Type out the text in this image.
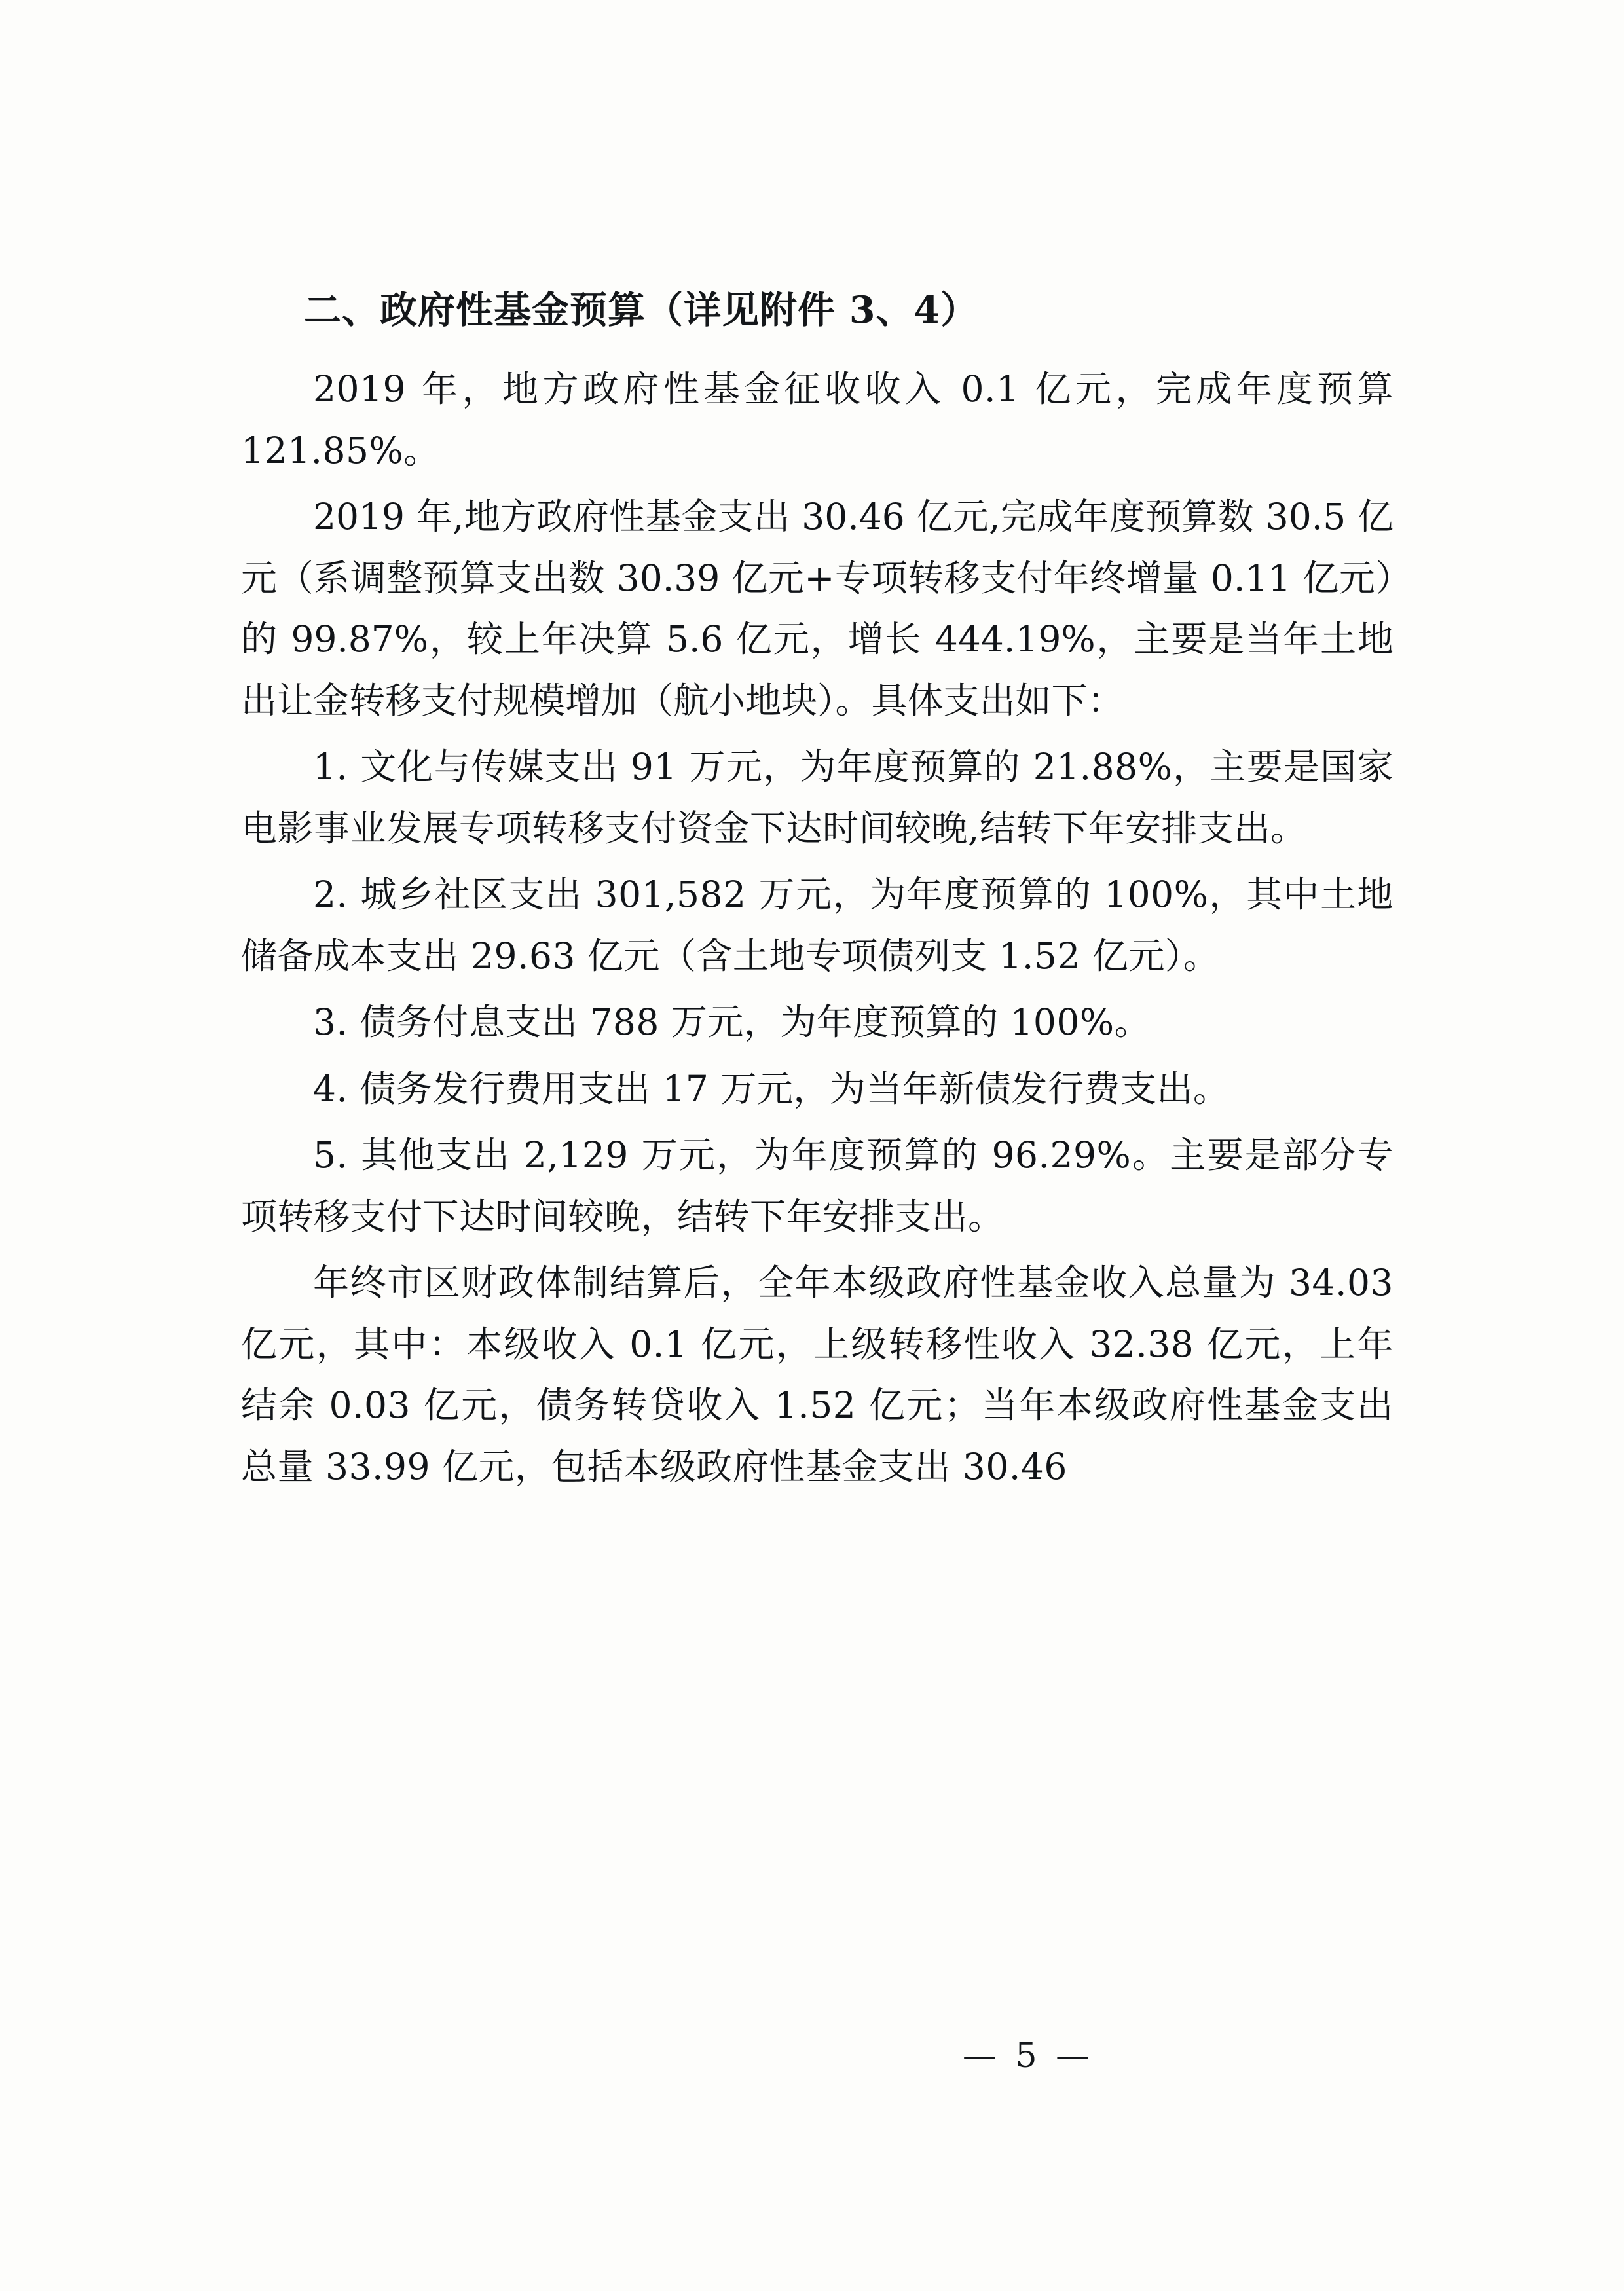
二、政府性基金预算（详见附件 3、4）

2019 年，地方政府性基金征收收入 0.1 亿元，完成年度预算 121.85%。

2019 年,地方政府性基金支出 30.46 亿元,完成年度预算数 30.5 亿元（系调整预算支出数 30.39 亿元+专项转移支付年终增量 0.11 亿元）的 99.87%，较上年决算 5.6 亿元，增长 444.19%，主要是当年土地出让金转移支付规模增加（航小地块）。具体支出如下：

1. 文化与传媒支出 91 万元，为年度预算的 21.88%，主要是国家电影事业发展专项转移支付资金下达时间较晚,结转下年安排支出。

2. 城乡社区支出 301,582 万元，为年度预算的 100%，其中土地储备成本支出 29.63 亿元（含土地专项债列支 1.52 亿元）。

3. 债务付息支出 788 万元，为年度预算的 100%。

4. 债务发行费用支出 17 万元，为当年新债发行费支出。

5. 其他支出 2,129 万元，为年度预算的 96.29%。主要是部分专项转移支付下达时间较晚，结转下年安排支出。

年终市区财政体制结算后，全年本级政府性基金收入总量为 34.03 亿元，其中：本级收入 0.1 亿元，上级转移性收入 32.38 亿元，上年结余 0.03 亿元，债务转贷收入 1.52 亿元；当年本级政府性基金支出总量 33.99 亿元，包括本级政府性基金支出 30.46

— 5 —
